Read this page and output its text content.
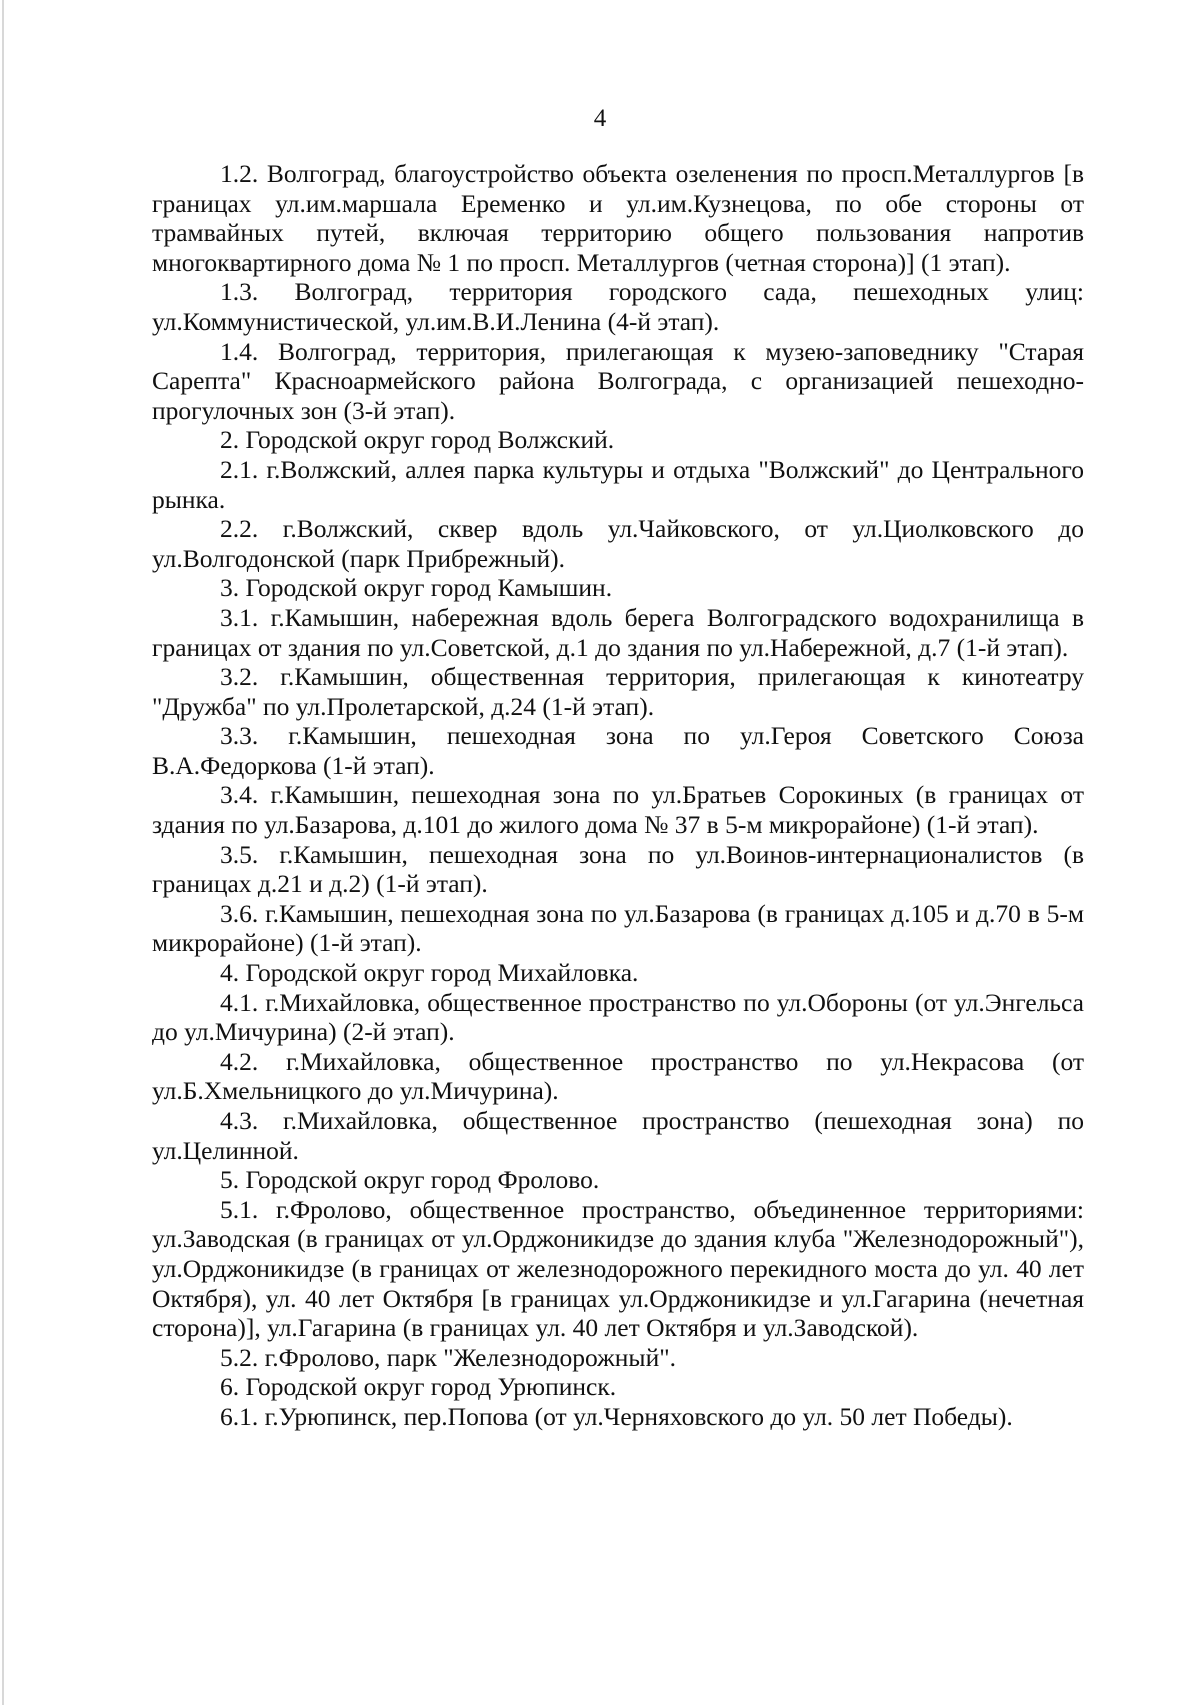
4

1.2. Волгоград, благоустройство объекта озеленения по просп.Металлургов [в границах ул.им.маршала Еременко и ул.им.Кузнецова, по обе стороны от трамвайных путей, включая территорию общего пользования напротив многоквартирного дома № 1 по просп. Металлургов (четная сторона)] (1 этап).

1.3. Волгоград, территория городского сада, пешеходных улиц: ул.Коммунистической, ул.им.В.И.Ленина (4-й этап).

1.4. Волгоград, территория, прилегающая к музею-заповеднику "Старая Сарепта" Красноармейского района Волгограда, с организацией пешеходно-прогулочных зон (3-й этап).

2. Городской округ город Волжский.

2.1. г.Волжский, аллея парка культуры и отдыха "Волжский" до Центрального рынка.

2.2. г.Волжский, сквер вдоль ул.Чайковского, от ул.Циолковского до ул.Волгодонской (парк Прибрежный).

3. Городской округ город Камышин.

3.1. г.Камышин, набережная вдоль берега Волгоградского водохранилища в границах от здания по ул.Советской, д.1 до здания по ул.Набережной, д.7 (1-й этап).

3.2. г.Камышин, общественная территория, прилегающая к кинотеатру "Дружба" по ул.Пролетарской, д.24 (1-й этап).

3.3. г.Камышин, пешеходная зона по ул.Героя Советского Союза В.А.Федоркова (1-й этап).

3.4. г.Камышин, пешеходная зона по ул.Братьев Сорокиных (в границах от здания по ул.Базарова, д.101 до жилого дома № 37 в 5-м микрорайоне) (1-й этап).

3.5. г.Камышин, пешеходная зона по ул.Воинов-интернационалистов (в границах д.21 и д.2) (1-й этап).

3.6. г.Камышин, пешеходная зона по ул.Базарова (в границах д.105 и д.70 в 5-м микрорайоне) (1-й этап).

4. Городской округ город Михайловка.

4.1. г.Михайловка, общественное пространство по ул.Обороны (от ул.Энгельса до ул.Мичурина) (2-й этап).

4.2. г.Михайловка, общественное пространство по ул.Некрасова (от ул.Б.Хмельницкого до ул.Мичурина).

4.3. г.Михайловка, общественное пространство (пешеходная зона) по ул.Целинной.

5. Городской округ город Фролово.

5.1. г.Фролово, общественное пространство, объединенное территориями: ул.Заводская (в границах от ул.Орджоникидзе до здания клуба "Железнодорожный"), ул.Орджоникидзе (в границах от железнодорожного перекидного моста до ул. 40 лет Октября), ул. 40 лет Октября [в границах ул.Орджоникидзе и ул.Гагарина (нечетная сторона)], ул.Гагарина (в границах ул. 40 лет Октября и ул.Заводской).

5.2. г.Фролово, парк "Железнодорожный".

6. Городской округ город Урюпинск.

6.1. г.Урюпинск, пер.Попова (от ул.Черняховского до ул. 50 лет Победы).
